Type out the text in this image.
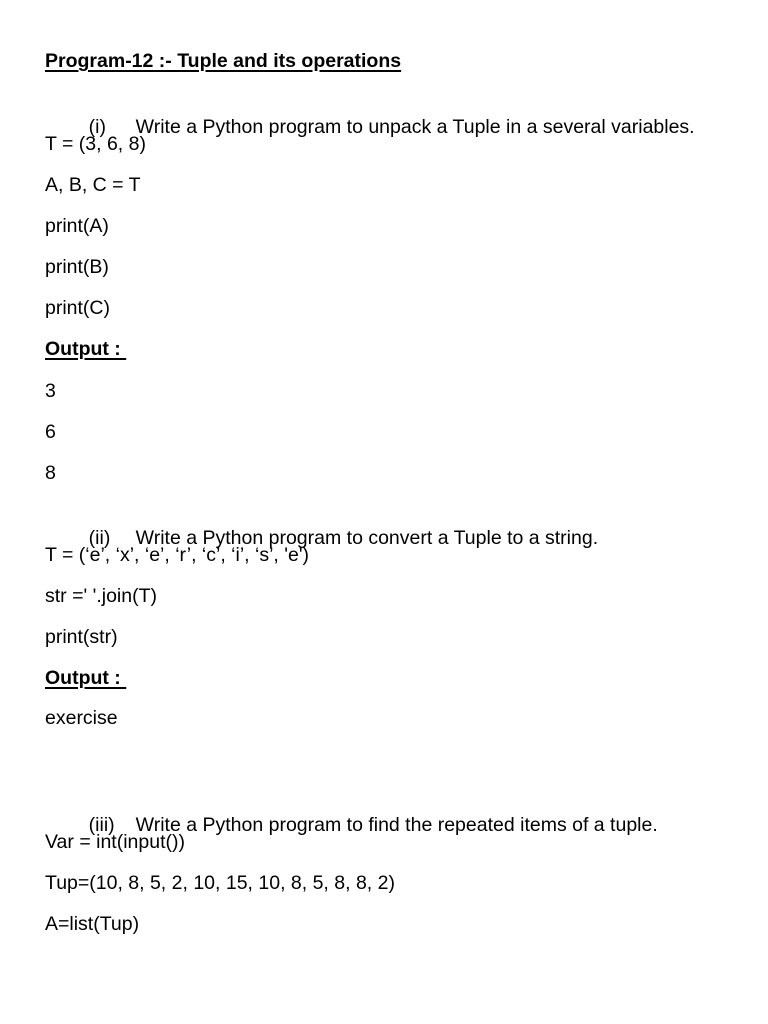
Program-12 :- Tuple and its operations

(i) Write a Python program to unpack a Tuple in a several variables.

T = (3, 6, 8)
A, B, C = T
print(A)
print(B)
print(C)
Output :
3
6
8

(ii) Write a Python program to convert a Tuple to a string.

T = (‘e’, ‘x’, ‘e’, ‘r’, ‘c’, ‘i’, ‘s’, 'e')
str =' '.join(T)
print(str)
Output :
exercise

(iii) Write a Python program to find the repeated items of a tuple.

Var = int(input())
Tup=(10, 8, 5, 2, 10, 15, 10, 8, 5, 8, 8, 2)
A=list(Tup)
